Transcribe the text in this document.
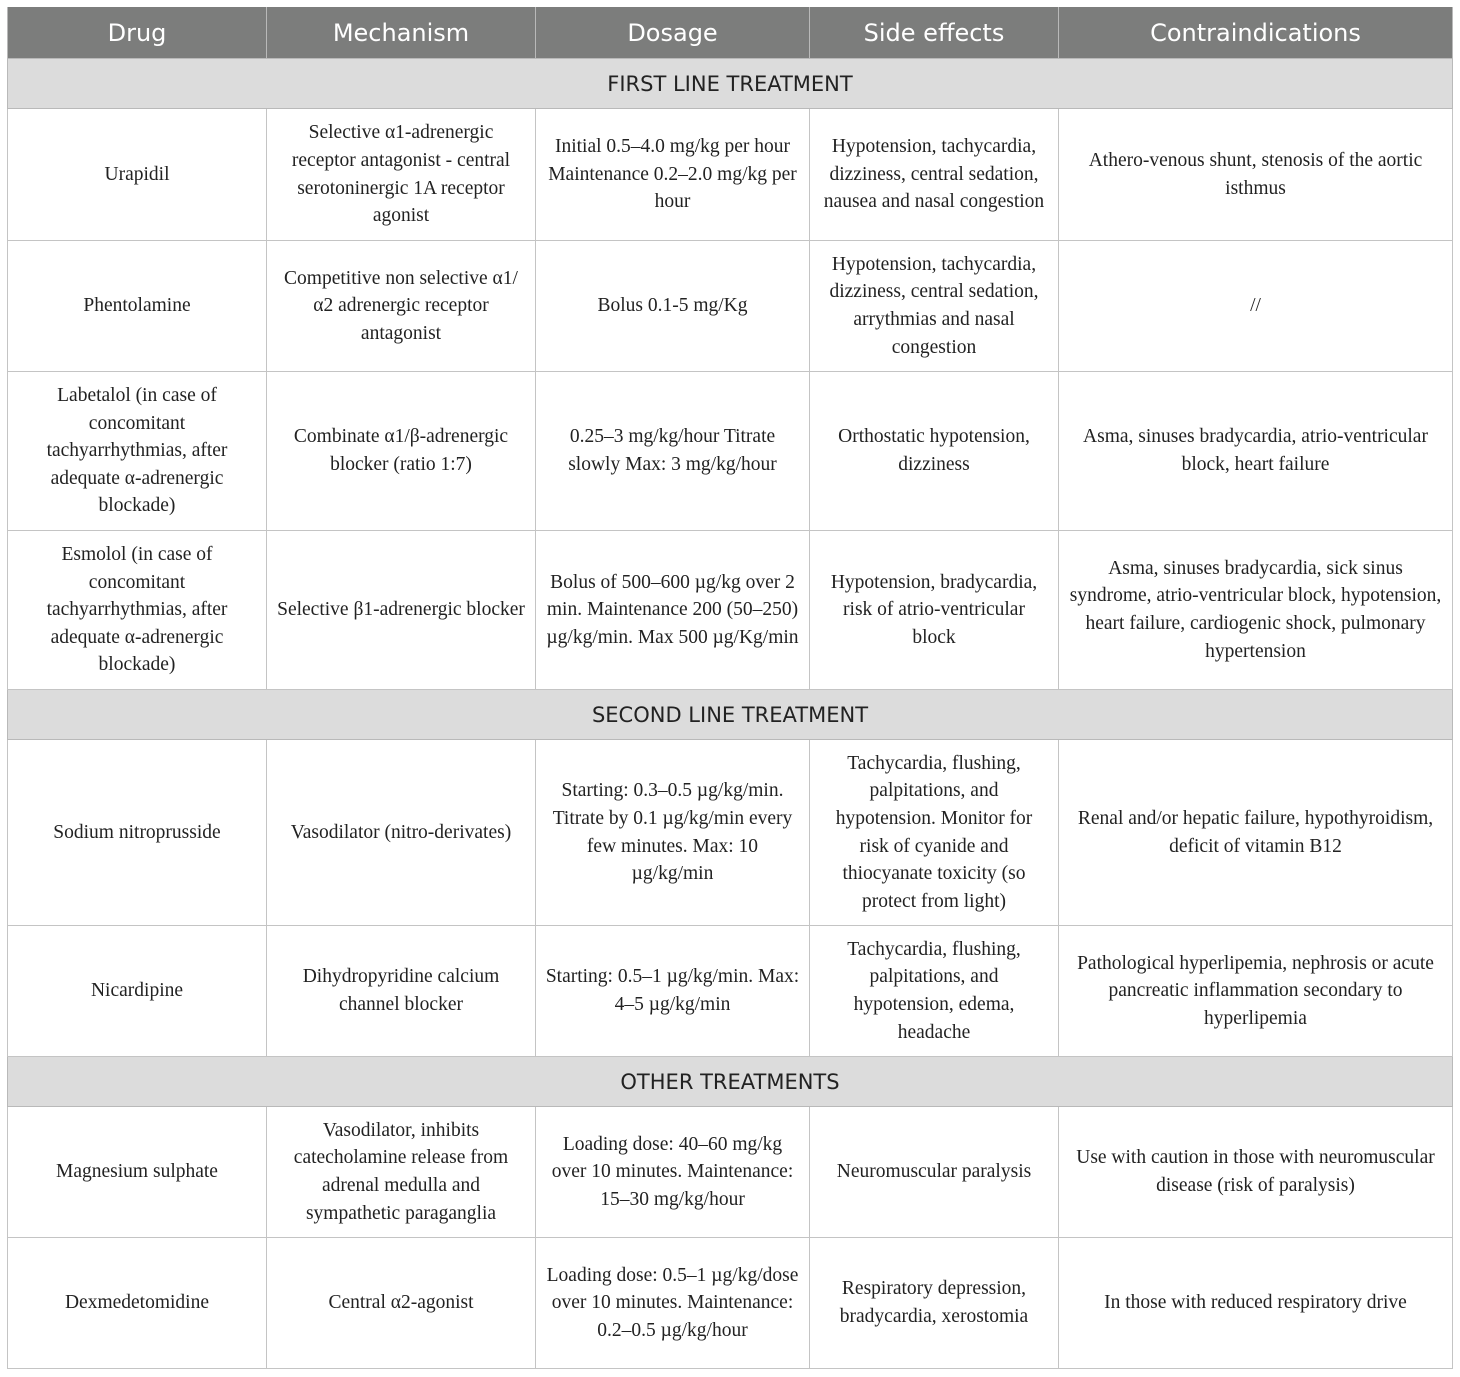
Drug	Mechanism	Dosage	Side effects	Contraindications
FIRST LINE TREATMENT				
Urapidil	Selective α1-adrenergic receptor antagonist - central serotoninergic 1A receptor agonist	Initial 0.5–4.0 mg/kg per hour Maintenance 0.2–2.0 mg/kg per hour	Hypotension, tachycardia, dizziness, central sedation, nausea and nasal congestion	Athero-venous shunt, stenosis of the aortic isthmus
Phentolamine	Competitive non selective α1/α2 adrenergic receptor antagonist	Bolus 0.1-5 mg/Kg	Hypotension, tachycardia, dizziness, central sedation, arrythmias and nasal congestion	//
Labetalol (in case of concomitant tachyarrhythmias, after adequate α-adrenergic blockade)	Combinate α1/β-adrenergic blocker (ratio 1:7)	0.25–3 mg/kg/hour Titrate slowly Max: 3 mg/kg/hour	Orthostatic hypotension, dizziness	Asma, sinuses bradycardia, atrio-ventricular block, heart failure
Esmolol (in case of concomitant tachyarrhythmias, after adequate α-adrenergic blockade)	Selective β1-adrenergic blocker	Bolus of 500–600 µg/kg over 2 min. Maintenance 200 (50–250) µg/kg/min. Max 500 µg/Kg/min	Hypotension, bradycardia, risk of atrio-ventricular block	Asma, sinuses bradycardia, sick sinus syndrome, atrio-ventricular block, hypotension, heart failure, cardiogenic shock, pulmonary hypertension
SECOND LINE TREATMENT				
Sodium nitroprusside	Vasodilator (nitro-derivates)	Starting: 0.3–0.5 µg/kg/min. Titrate by 0.1 µg/kg/min every few minutes. Max: 10 µg/kg/min	Tachycardia, flushing, palpitations, and hypotension. Monitor for risk of cyanide and thiocyanate toxicity (so protect from light)	Renal and/or hepatic failure, hypothyroidism, deficit of vitamin B12
Nicardipine	Dihydropyridine calcium channel blocker	Starting: 0.5–1 µg/kg/min. Max: 4–5 µg/kg/min	Tachycardia, flushing, palpitations, and hypotension, edema, headache	Pathological hyperlipemia, nephrosis or acute pancreatic inflammation secondary to hyperlipemia
OTHER TREATMENTS				
Magnesium sulphate	Vasodilator, inhibits catecholamine release from adrenal medulla and sympathetic paraganglia	Loading dose: 40–60 mg/kg over 10 minutes. Maintenance: 15–30 mg/kg/hour	Neuromuscular paralysis	Use with caution in those with neuromuscular disease (risk of paralysis)
Dexmedetomidine	Central α2-agonist	Loading dose: 0.5–1 µg/kg/dose over 10 minutes. Maintenance: 0.2–0.5 µg/kg/hour	Respiratory depression, bradycardia, xerostomia	In those with reduced respiratory drive
